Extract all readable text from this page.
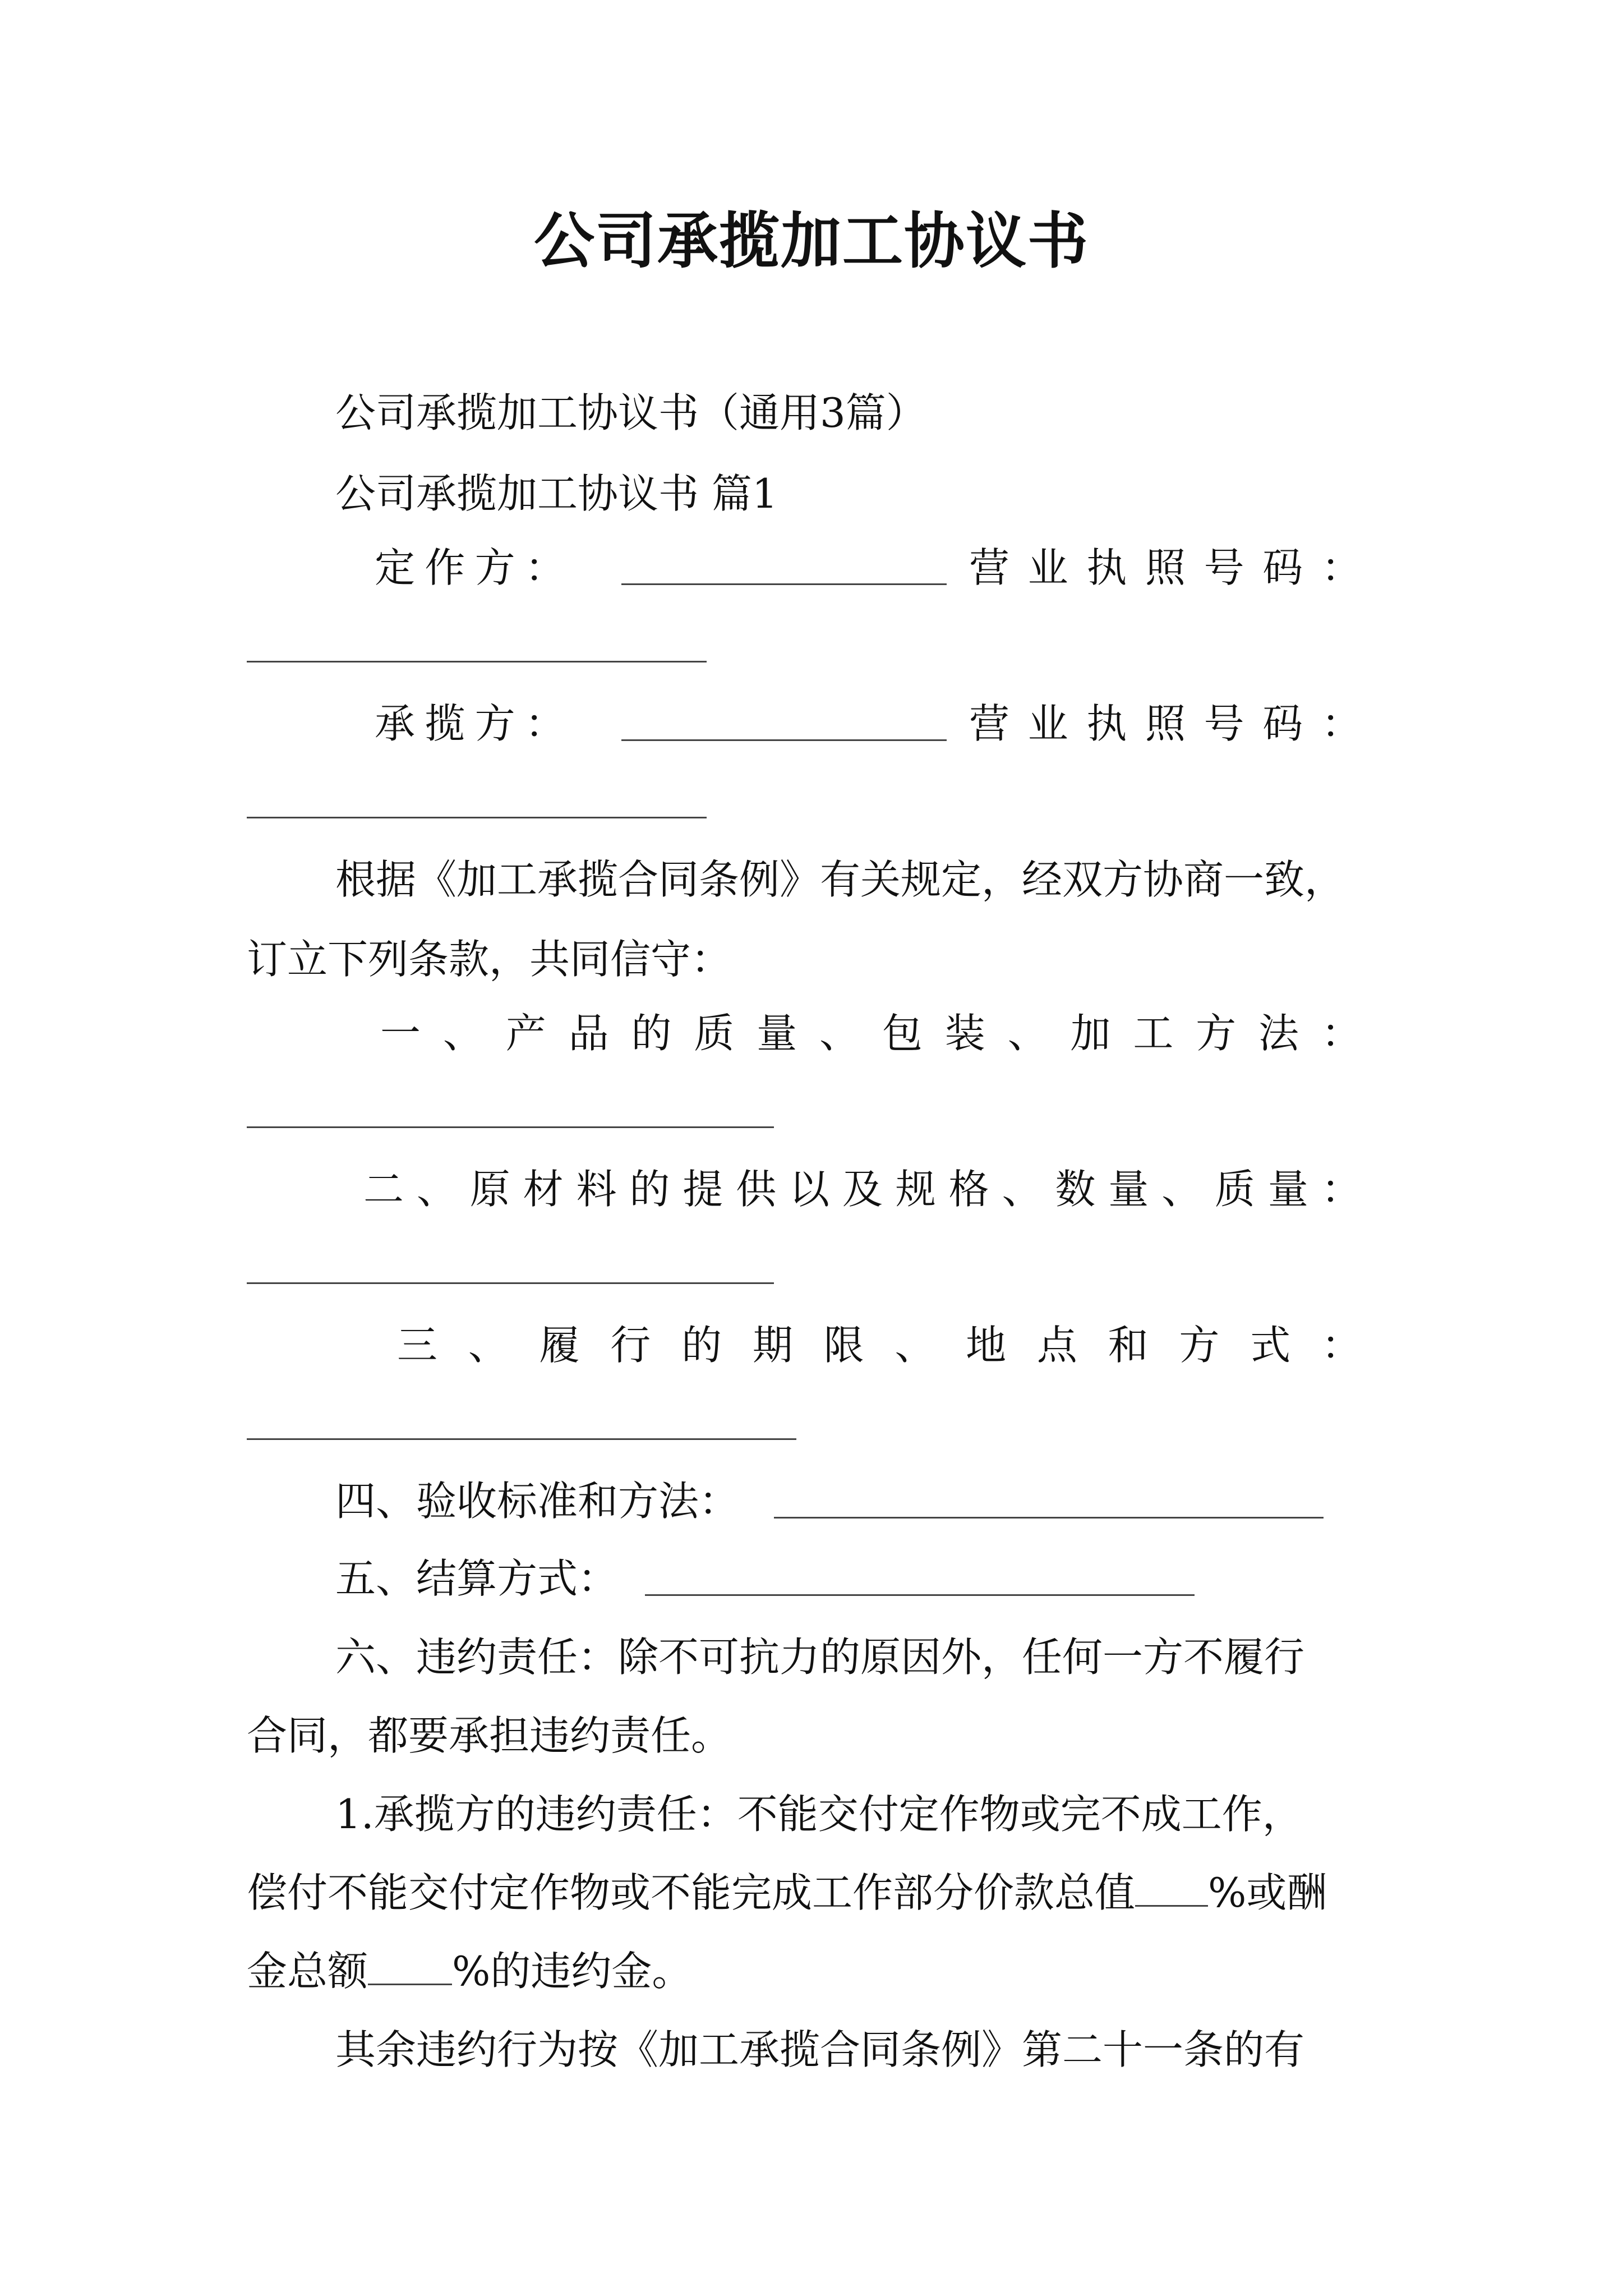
公司承揽加工协议书
公司承揽加工协议书（通用3篇）
公司承揽加工协议书 篇1
定 作 方 ：	营 业 执 照 号 码 ：
承 揽 方 ：	营 业 执 照 号 码 ：
根据《加工承揽合同条例》有关规定，经双方协商一致，
订立下列条款，共同信守：
一 、 产 品 的 质 量 、 包 装 、 加 工 方 法 ：
二 、 原 材 料 的 提 供 以 及 规 格 、 数 量 、 质 量 ：
三 、 履 行 的 期 限 、 地 点 和 方 式 ：
四、验收标准和方法：
五、结算方式：
六、违约责任：除不可抗力的原因外，任何一方不履行
合同，都要承担违约责任。
1.承揽方的违约责任：不能交付定作物或完不成工作，
偿付不能交付定作物或不能完成工作部分价款总值 %或酬
金总额 %的违约金。
其余违约行为按《加工承揽合同条例》第二十一条的有
